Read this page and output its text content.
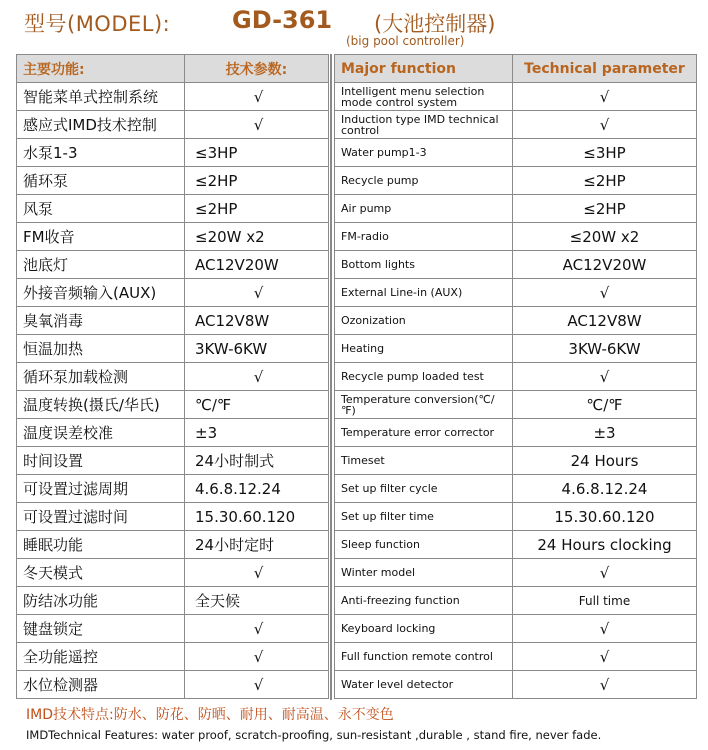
型号(MODEL):	GD-361 (大池控制器)
(big pool controller)
主要功能:	技术参数:
智能菜单式控制系统	√
感应式IMD技术控制	√
水泵1-3	≤3HP
循环泵	≤2HP
风泵	≤2HP
FM收音	≤20W x2
池底灯	AC12V20W
外接音频输入(AUX)	√
臭氧消毒	AC12V8W
恒温加热	3KW-6KW
循环泵加载检测	√
温度转换(摄氏/华氏)	℃/℉
温度误差校准	±3
时间设置	24小时制式
可设置过滤周期	4.6.8.12.24
可设置过滤时间	15.30.60.120
睡眠功能	24小时定时
冬天模式	√
防结冰功能	全天候
键盘锁定	√
全功能遥控	√
水位检测器	√
Major function	Technical parameter
Intelligent menu selection mode control system	√
Induction type IMD technical control	√
Water pump1-3	≤3HP
Recycle pump	≤2HP
Air pump	≤2HP
FM-radio	≤20W x2
Bottom lights	AC12V20W
External Line-in (AUX)	√
Ozonization	AC12V8W
Heating	3KW-6KW
Recycle pump loaded test	√
Temperature conversion(℃/℉)	℃/℉
Temperature error corrector	±3
Timeset	24 Hours
Set up filter cycle	4.6.8.12.24
Set up filter time	15.30.60.120
Sleep function	24 Hours clocking
Winter model	√
Anti-freezing function	Full time
Keyboard locking	√
Full function remote control	√
Water level detector	√
IMD技术特点:防水、防花、防晒、耐用、耐高温、永不变色
IMDTechnical Features: water proof, scratch-proofing, sun-resistant ,durable , stand fire, never fade.
